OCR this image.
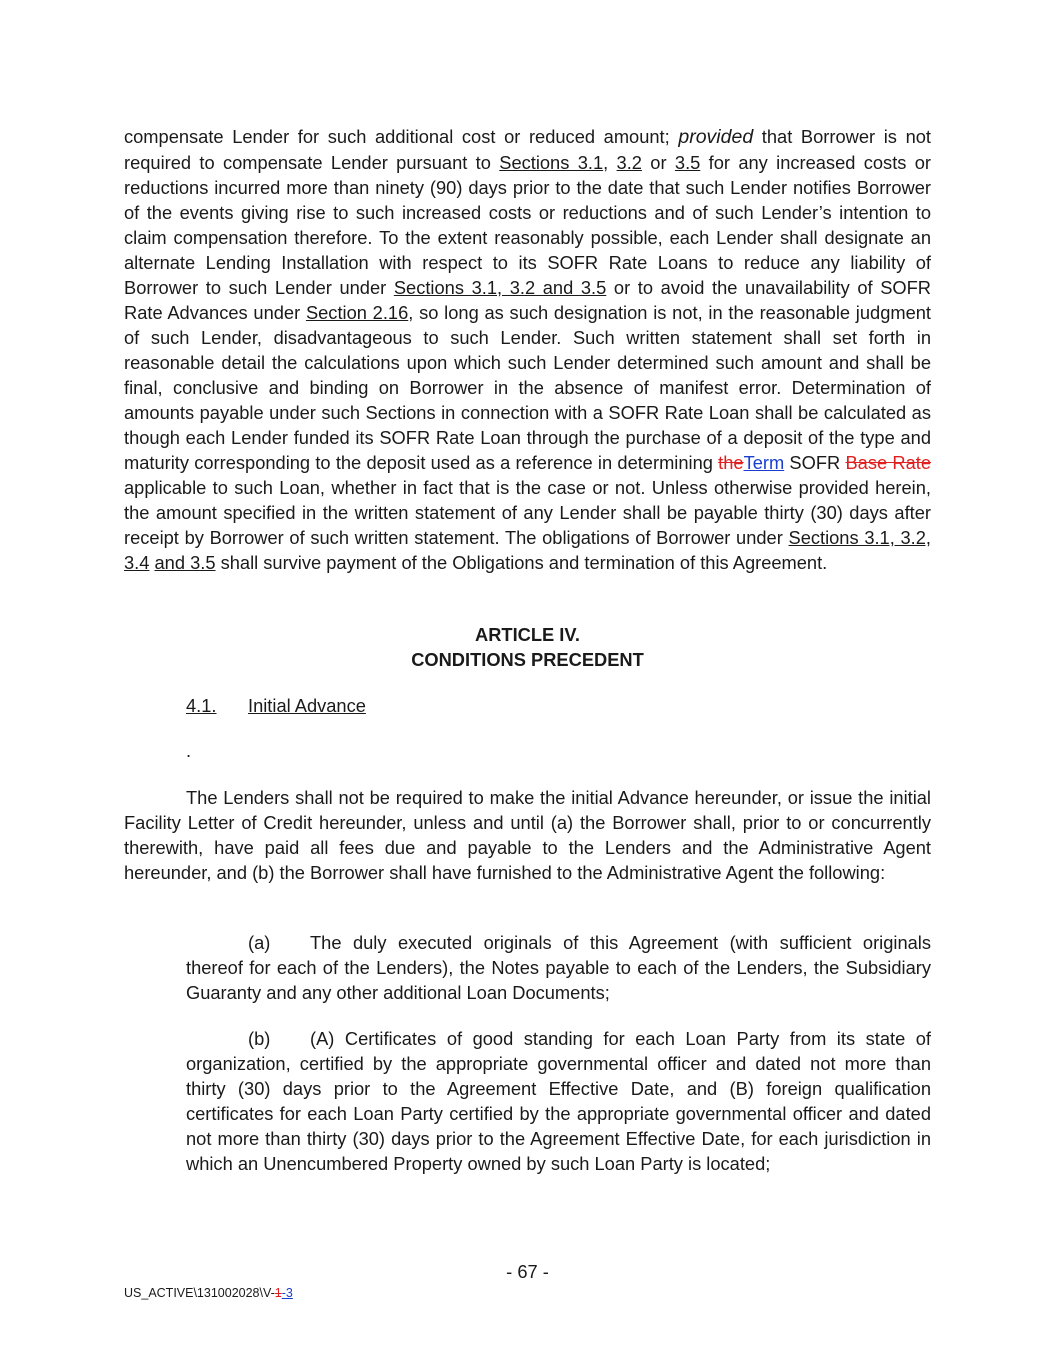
compensate Lender for such additional cost or reduced amount; provided that Borrower is not required to compensate Lender pursuant to Sections 3.1, 3.2 or 3.5 for any increased costs or reductions incurred more than ninety (90) days prior to the date that such Lender notifies Borrower of the events giving rise to such increased costs or reductions and of such Lender’s intention to claim compensation therefore. To the extent reasonably possible, each Lender shall designate an alternate Lending Installation with respect to its SOFR Rate Loans to reduce any liability of Borrower to such Lender under Sections 3.1, 3.2 and 3.5 or to avoid the unavailability of SOFR Rate Advances under Section 2.16, so long as such designation is not, in the reasonable judgment of such Lender, disadvantageous to such Lender. Such written statement shall set forth in reasonable detail the calculations upon which such Lender determined such amount and shall be final, conclusive and binding on Borrower in the absence of manifest error. Determination of amounts payable under such Sections in connection with a SOFR Rate Loan shall be calculated as though each Lender funded its SOFR Rate Loan through the purchase of a deposit of the type and maturity corresponding to the deposit used as a reference in determining theTerm SOFR Base Rate applicable to such Loan, whether in fact that is the case or not. Unless otherwise provided herein, the amount specified in the written statement of any Lender shall be payable thirty (30) days after receipt by Borrower of such written statement. The obligations of Borrower under Sections 3.1, 3.2, 3.4 and 3.5 shall survive payment of the Obligations and termination of this Agreement.
ARTICLE IV.
CONDITIONS PRECEDENT
4.1. Initial Advance
.
The Lenders shall not be required to make the initial Advance hereunder, or issue the initial Facility Letter of Credit hereunder, unless and until (a) the Borrower shall, prior to or concurrently therewith, have paid all fees due and payable to the Lenders and the Administrative Agent hereunder, and (b) the Borrower shall have furnished to the Administrative Agent the following:
(a) The duly executed originals of this Agreement (with sufficient originals thereof for each of the Lenders), the Notes payable to each of the Lenders, the Subsidiary Guaranty and any other additional Loan Documents;
(b) (A) Certificates of good standing for each Loan Party from its state of organization, certified by the appropriate governmental officer and dated not more than thirty (30) days prior to the Agreement Effective Date, and (B) foreign qualification certificates for each Loan Party certified by the appropriate governmental officer and dated not more than thirty (30) days prior to the Agreement Effective Date, for each jurisdiction in which an Unencumbered Property owned by such Loan Party is located;
- 67 -
US_ACTIVE\131002028\V-1-3
